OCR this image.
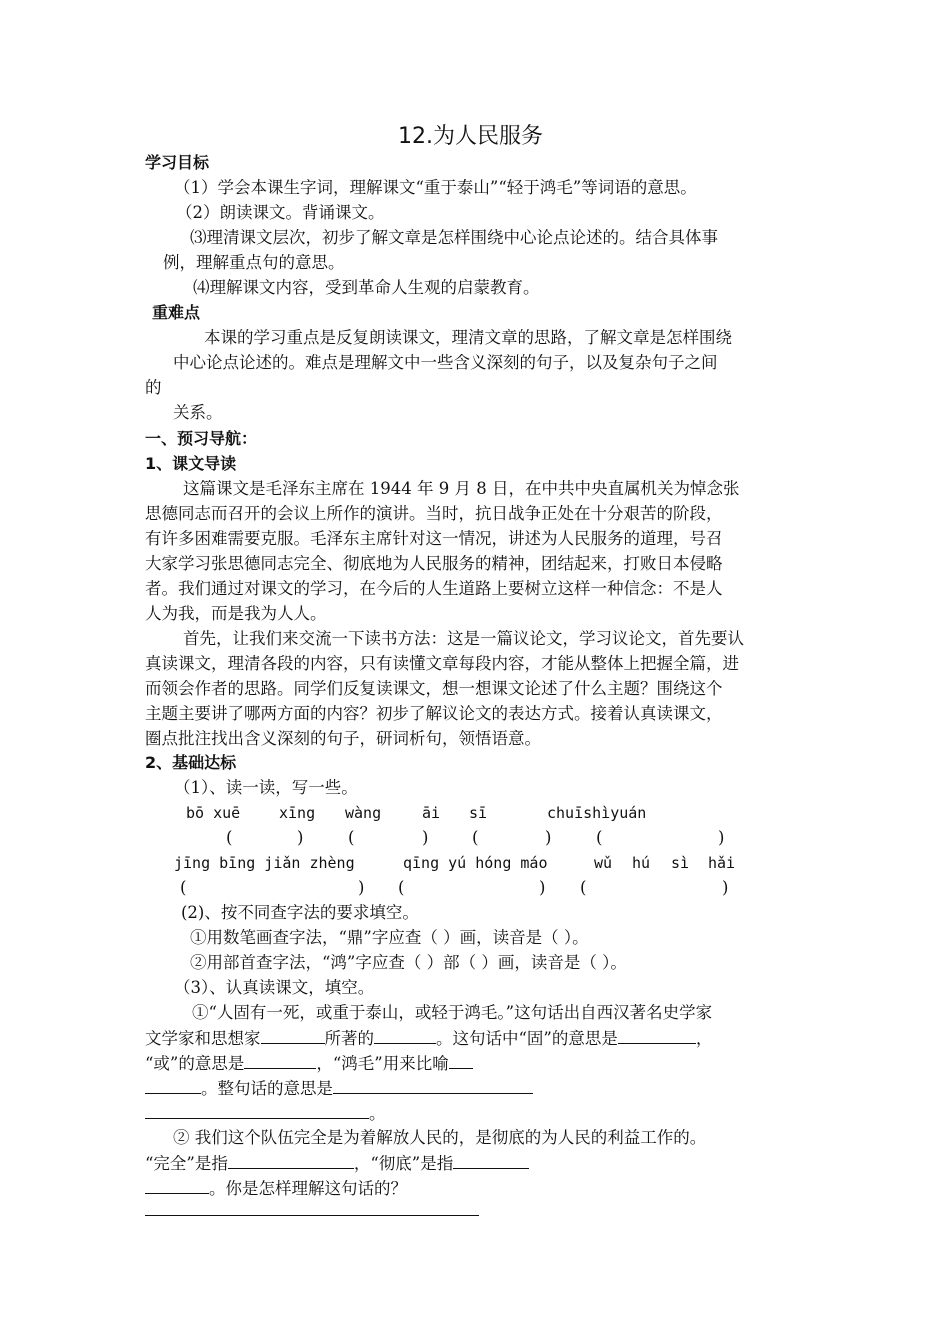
12.为人民服务
学习目标
（1）学会本课生字词，理解课文“重于泰山”“轻于鸿毛”等词语的意思。
（2）朗读课文。背诵课文。
⑶理清课文层次，初步了解文章是怎样围绕中心论点论述的。结合具体事
例，理解重点句的意思。
⑷理解课文内容，受到革命人生观的启蒙教育。
重难点
本课的学习重点是反复朗读课文，理清文章的思路，了解文章是怎样围绕
中心论点论述的。难点是理解文中一些含义深刻的句子，以及复杂句子之间
的
关系。
一、预习导航：
1、课文导读
这篇课文是毛泽东主席在 1944 年 9 月 8 日，在中共中央直属机关为悼念张
思德同志而召开的会议上所作的演讲。当时，抗日战争正处在十分艰苦的阶段，
有许多困难需要克服。毛泽东主席针对这一情况，讲述为人民服务的道理，号召
大家学习张思德同志完全、彻底地为人民服务的精神，团结起来，打败日本侵略
者。我们通过对课文的学习，在今后的人生道路上要树立这样一种信念：不是人
人为我，而是我为人人。
首先，让我们来交流一下读书方法：这是一篇议论文，学习议论文，首先要认
真读课文，理清各段的内容，只有读懂文章每段内容，才能从整体上把握全篇，进
而领会作者的思路。同学们反复读课文，想一想课文论述了什么主题？围绕这个
主题主要讲了哪两方面的内容？初步了解议论文的表达方式。接着认真读课文，
圈点批注找出含义深刻的句子，研词析句，领悟语意。
2、基础达标
（1）、读一读，写一些。
bō xuē	xīng wàng	āi sī	chuīshìyuán
(	)	(	)	(	)	(	)
jīng bīng jiǎn zhèng	qīng yú hóng máo	wǔ hú sì hǎi
(	) (	) (	)
(2)、按不同查字法的要求填空。
①用数笔画查字法，“鼎”字应查（ ）画，读音是（ ）。
②用部首查字法，“鸿”字应查（ ）部（ ）画，读音是（ ）。
（3）、认真读课文，填空。
①“人固有一死，或重于泰山，或轻于鸿毛。”这句话出自西汉著名史学家
文学家和思想家	所著的	。这句话中“固”的意思是	，
“或”的意思是	，“鸿毛”用来比喻
。整句话的意思是
。
② 我们这个队伍完全是为着解放人民的，是彻底的为人民的利益工作的。
“完全”是指	，“彻底”是指
。你是怎样理解这句话的？
